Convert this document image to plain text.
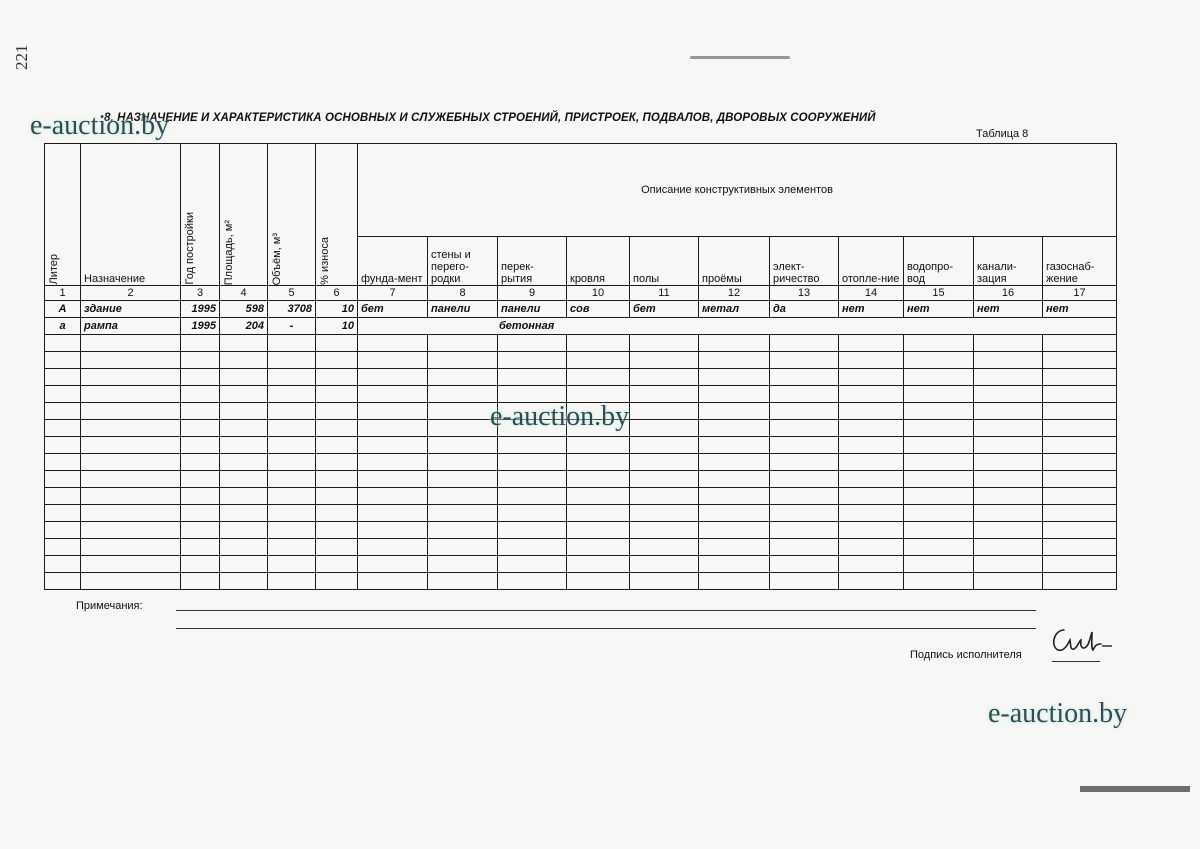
221
8. НАЗНАЧЕНИЕ И ХАРАКТЕРИСТИКА ОСНОВНЫХ И СЛУЖЕБНЫХ СТРОЕНИЙ, ПРИСТРОЕК, ПОДВАЛОВ, ДВОРОВЫХ СООРУЖЕНИЙ
Таблица 8
Литер	Назначение	Год постройки	Площадь, м²	Объём, м³	% износа	Описание конструктивных элементов										
						фунда-мент	стены и перего-родки	перек-рытия	кровля	полы	проёмы	элект-ричество	отопле-ние	водопро-вод	канали-зация	газоснаб-жение
1	2	3	4	5	6	7	8	9	10	11	12	13	14	15	16	17
А	здание	1995	598	3708	10	бет	панели	панели	сов	бет	метал	да	нет	нет	нет	нет
а	рампа	1995	204	-	10	бетонная										

e-auction.by
e-auction.by
e-auction.by
Примечания:
Подпись исполнителя
